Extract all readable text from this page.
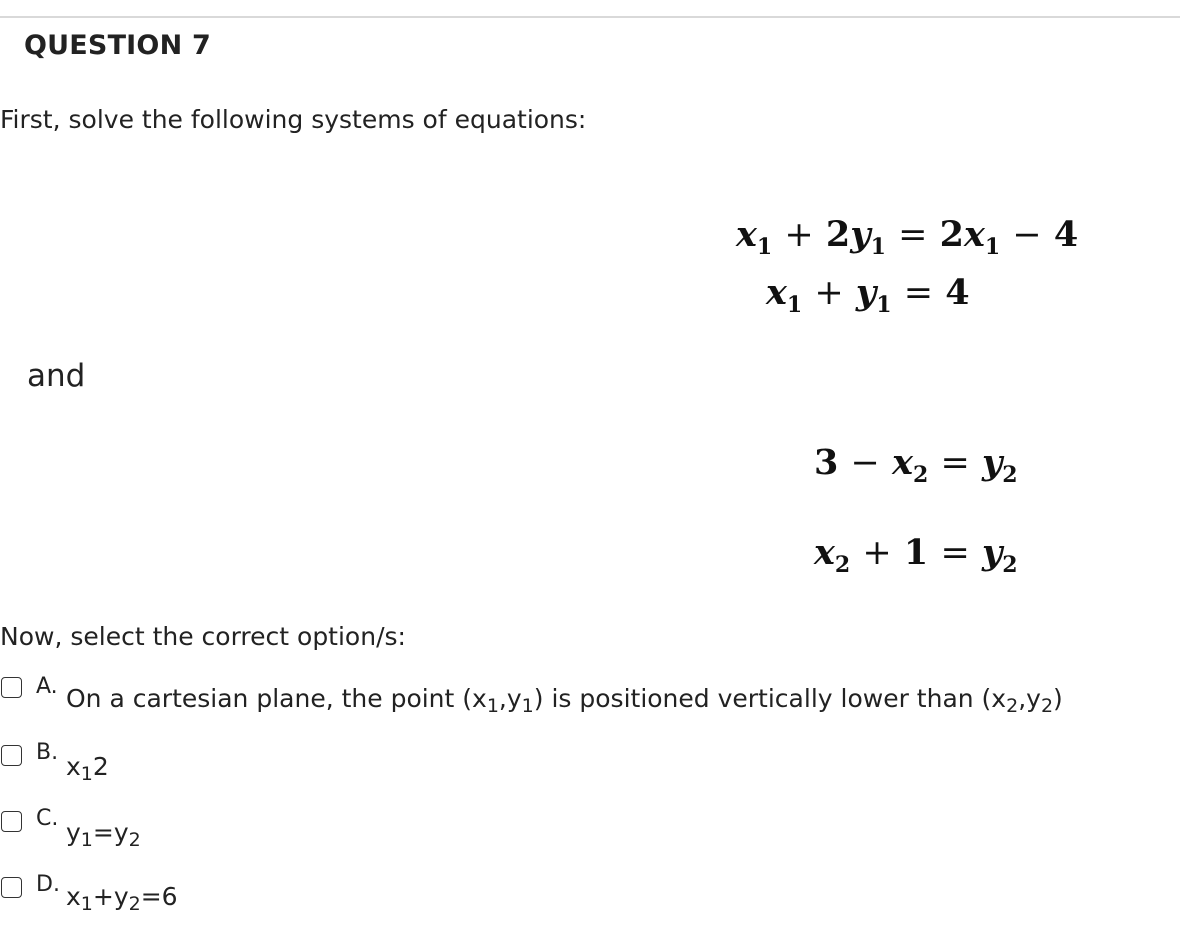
QUESTION 7
First, solve the following systems of equations:
$x_1 + 2y_1 = 2x_1 - 4$
$x_1 + y_1 = 4$
and
$3 - x_2 = y_2$
$x_2 + 1 = y_2$
Now, select the correct option/s:
A. On a cartesian plane, the point $(x_1,y_1)$ is positioned vertically lower than $(x_2,y_2)$
B. $x_12$
C. $y_1=y_2$
D. $x_1+y_2=6$
